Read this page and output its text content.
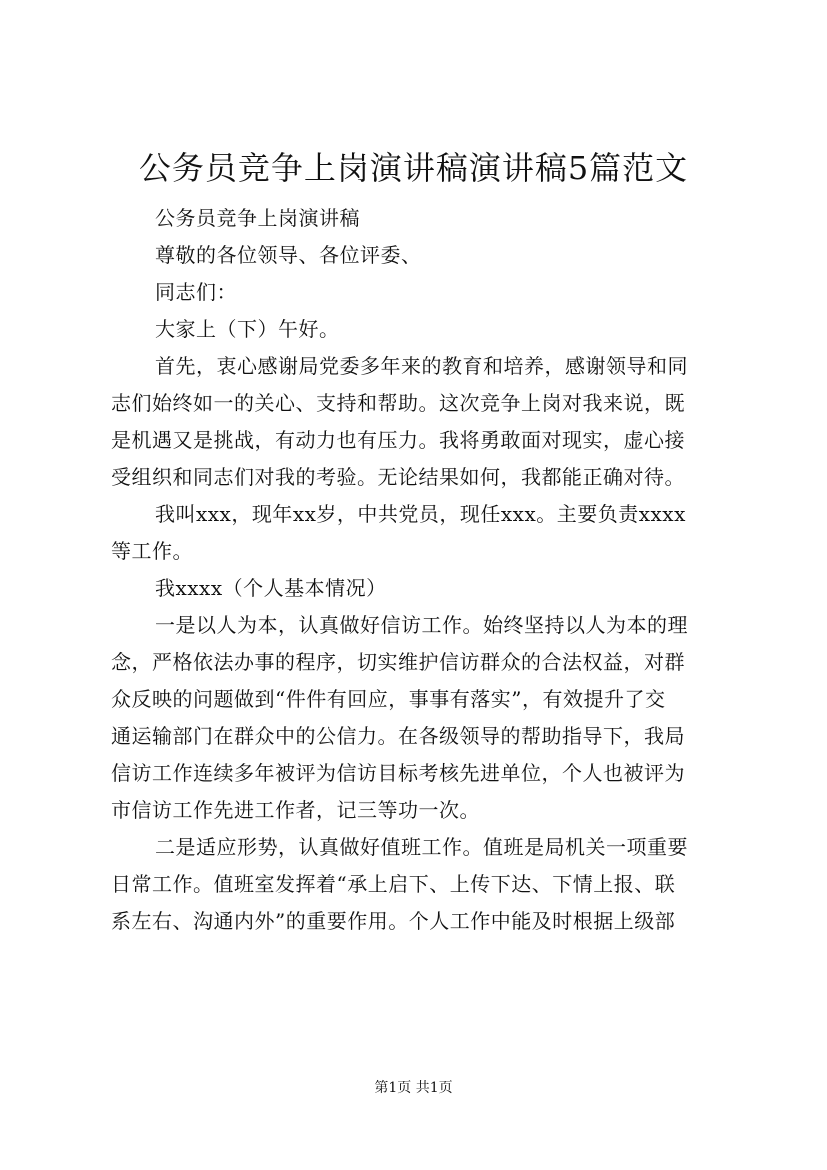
公务员竞争上岗演讲稿演讲稿5篇范文
公务员竞争上岗演讲稿
尊敬的各位领导、各位评委、
同志们：
大家上（下）午好。
首先，衷心感谢局党委多年来的教育和培养，感谢领导和同
志们始终如一的关心、支持和帮助。这次竞争上岗对我来说，既
是机遇又是挑战，有动力也有压力。我将勇敢面对现实，虚心接
受组织和同志们对我的考验。无论结果如何，我都能正确对待。
我叫xxx，现年xx岁，中共党员，现任xxx。主要负责xxxx
等工作。
我xxxx（个人基本情况）
一是以人为本，认真做好信访工作。始终坚持以人为本的理
念，严格依法办事的程序，切实维护信访群众的合法权益，对群
众反映的问题做到“件件有回应，事事有落实”，有效提升了交
通运输部门在群众中的公信力。在各级领导的帮助指导下，我局
信访工作连续多年被评为信访目标考核先进单位，个人也被评为
市信访工作先进工作者，记三等功一次。
二是适应形势，认真做好值班工作。值班是局机关一项重要
日常工作。值班室发挥着“承上启下、上传下达、下情上报、联
系左右、沟通内外”的重要作用。个人工作中能及时根据上级部
第1页 共1页
